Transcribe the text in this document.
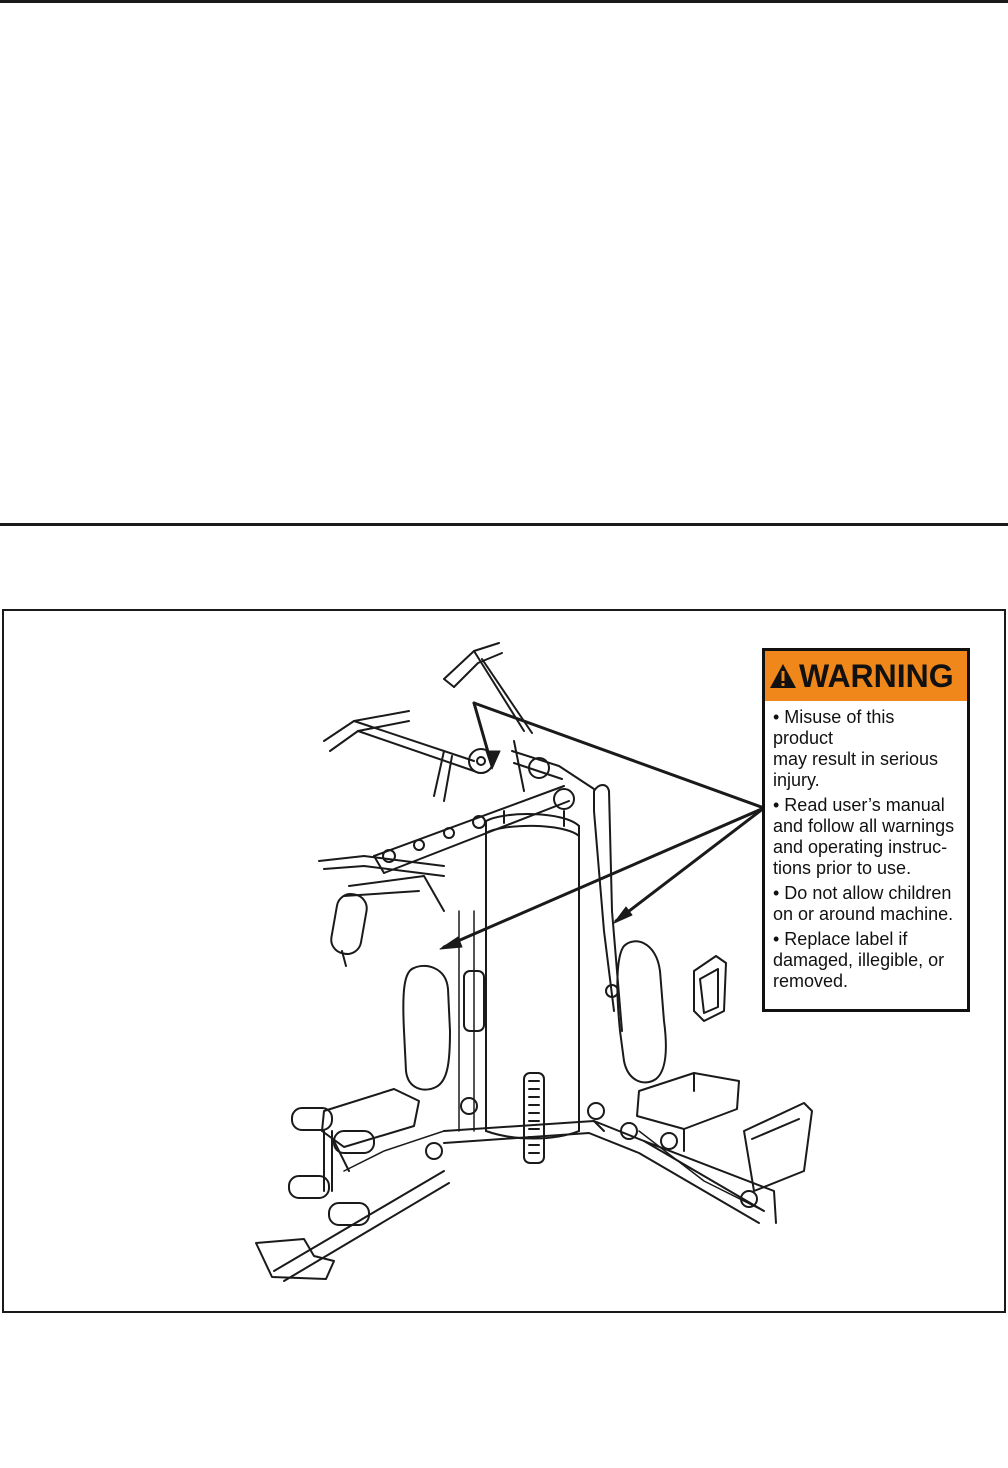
WARNING
• Misuse of this product
may result in serious
injury.
• Read user’s manual
and follow all warnings
and operating instruc-
tions prior to use.
• Do not allow children
on or around machine.
• Replace label if
damaged, illegible, or
removed.
